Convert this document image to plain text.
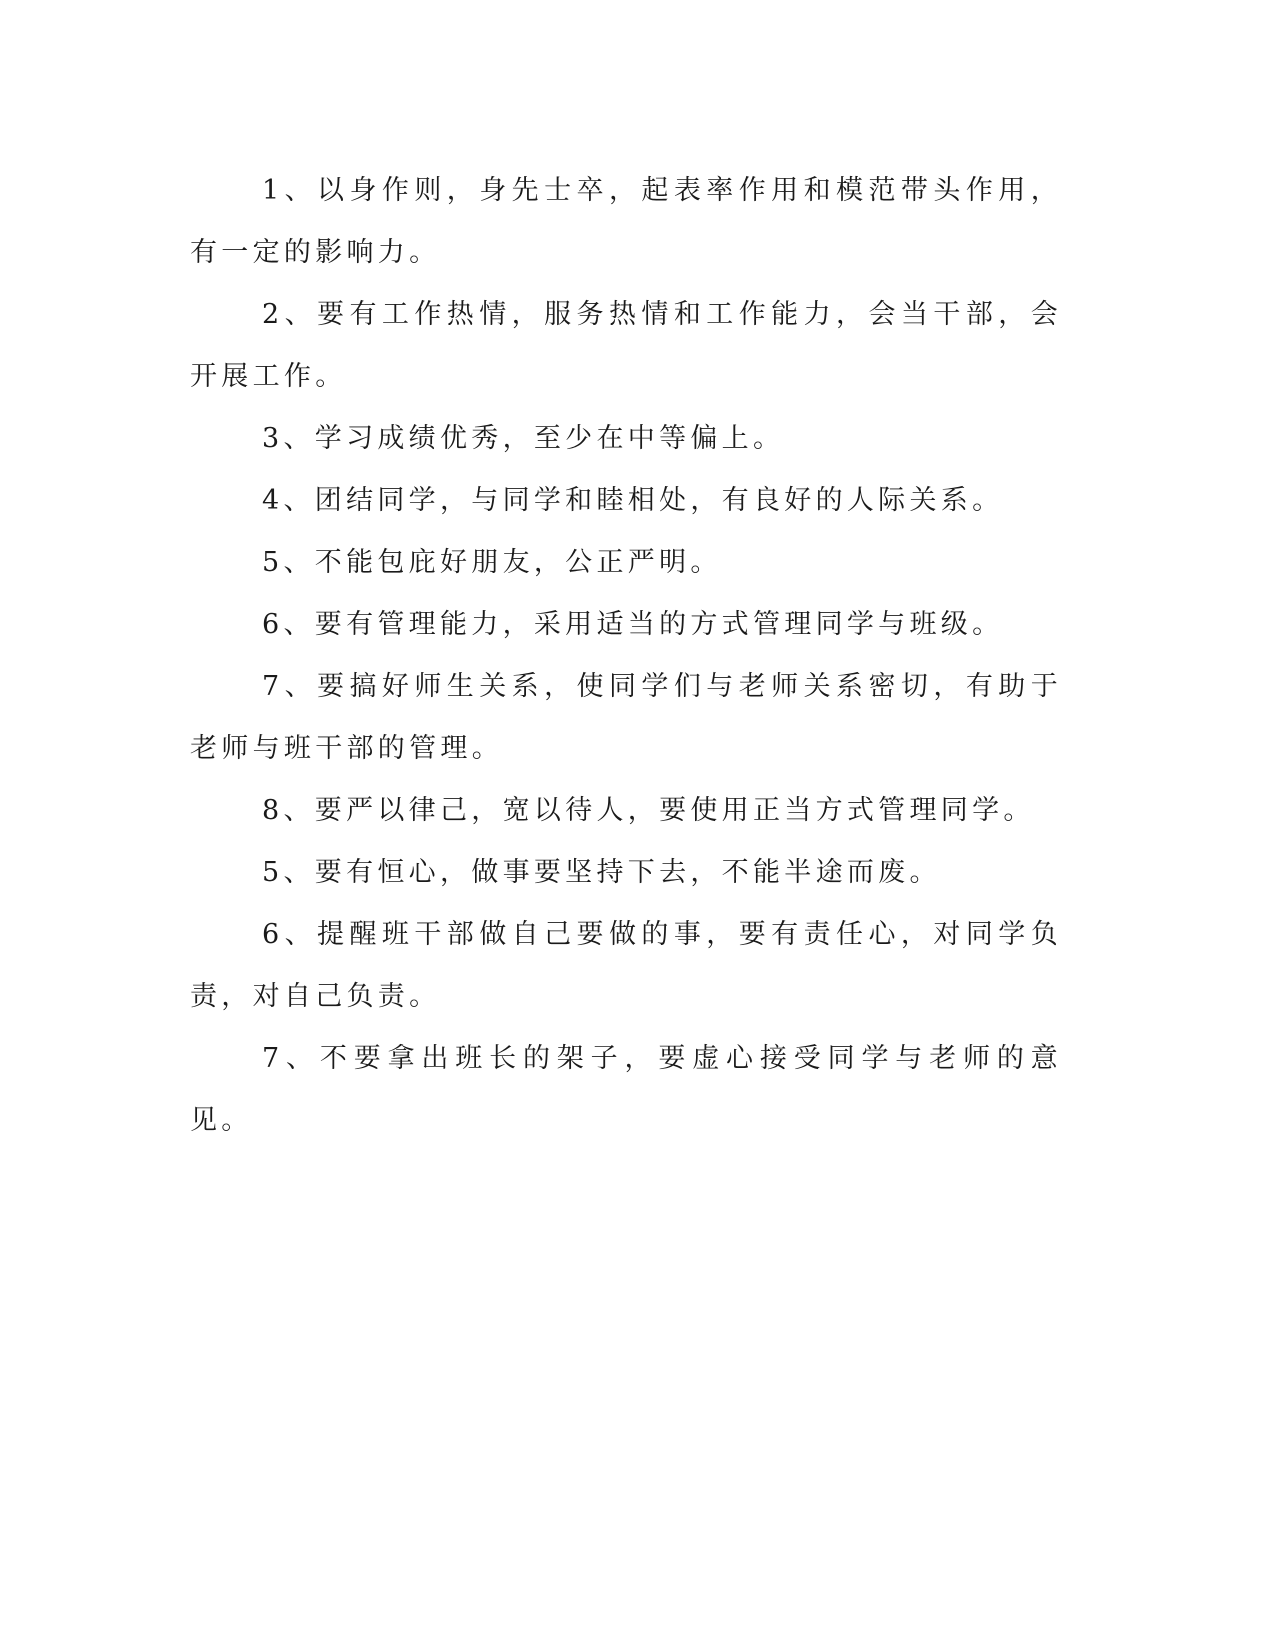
1、以身作则，身先士卒，起表率作用和模范带头作用，有一定的影响力。

2、要有工作热情，服务热情和工作能力，会当干部，会开展工作。

3、学习成绩优秀，至少在中等偏上。

4、团结同学，与同学和睦相处，有良好的人际关系。

5、不能包庇好朋友，公正严明。

6、要有管理能力，采用适当的方式管理同学与班级。

7、要搞好师生关系，使同学们与老师关系密切，有助于老师与班干部的管理。

8、要严以律己，宽以待人，要使用正当方式管理同学。

5、要有恒心，做事要坚持下去，不能半途而废。

6、提醒班干部做自己要做的事，要有责任心，对同学负责，对自己负责。

7、不要拿出班长的架子，要虚心接受同学与老师的意见。
